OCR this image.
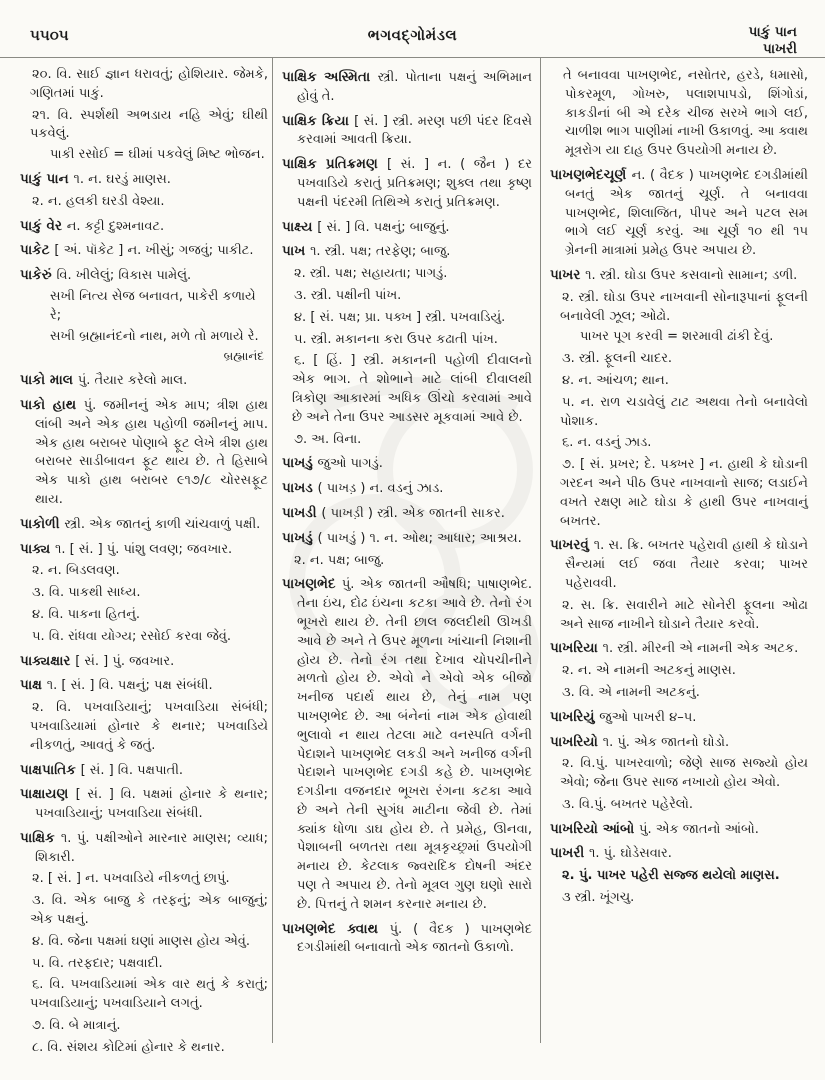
૫૫૦૫	ભગવદ્ગોમંડલ	પાકું પાન
પાખરી

૨૦. વિ. સાઈ જ્ઞાન ધરાવતું; હોશિયાર. જેમકે, ગણિતમાં પાકું.

૨૧. વિ. સ્પર્શથી અભડાય નહિ એવું; ઘીથી પકવેલું.

પાકી રસોઈ = ઘીમાં પકવેલું મિષ્ટ ભોજન.

પાકું પાન ૧. ન. ઘરડું માણસ.

૨. ન. હલકી ઘરડી વેશ્યા.

પાકું વેર ન. કટ્ટી દુશ્મનાવટ.

પાકેટ [ અં. પૉકેટ ] ન. ખીસું; ગજવું; પાકીટ.

પાકેરું વિ. ખીલેલું; વિકાસ પામેલું.

સખી નિત્ય સેજ બનાવત, પાકેરી કળાયે રે;

સખી બ્રહ્માનંદનો નાથ, મળે તો મળાયે રે.

બ્રહ્માનંદ

પાકો માલ પું. તૈયાર કરેલો માલ.

પાકો હાથ પું. જમીનનું એક માપ; ત્રીશ હાથ લાંબી અને એક હાથ પહોળી જમીનનું માપ. એક હાથ બરાબર પોણાબે ફૂટ લેખે ત્રીશ હાથ બરાબર સાડીબાવન ફૂટ થાય છે. તે હિસાબે એક પાકો હાથ બરાબર ૯૧૭/૮ ચોરસફૂટ થાય.

પાકોળી સ્ત્રી. એક જાતનું કાળી ચાંચવાળું પક્ષી.

પાક્ય ૧. [ સં. ] પું. પાંશુ લવણ; જવખાર.

૨. ન. બિડલવણ.

૩. વિ. પાકથી સાધ્ય.

૪. વિ. પાકના હિતનું.

૫. વિ. રાંધવા યોગ્ય; રસોઈ કરવા જેવું.

પાક્યક્ષાર [ સં. ] પું. જવખાર.

પાક્ષ ૧. [ સં. ] વિ. પક્ષનું; પક્ષ સંબંધી.

૨. વિ. પખવાડિયાનું; પખવાડિયા સંબંધી; પખવાડિયામાં હોનાર કે થનાર; પખવાડિયે નીકળતું, આવતું કે જતું.

પાક્ષપાતિક [ સં. ] વિ. પક્ષપાતી.

પાક્ષાયણ [ સં. ] વિ. પક્ષમાં હોનાર કે થનાર; પખવાડિયાનું; પખવાડિયા સંબંધી.

પાક્ષિક ૧. પું. પક્ષીઓને મારનાર માણસ; વ્યાધ; શિકારી.

૨. [ સં. ] ન. પખવાડિયે નીકળતું છાપું.

૩. વિ. એક બાજુ કે તરફનું; એક બાજુનું; એક પક્ષનું.

૪. વિ. જેના પક્ષમાં ઘણાં માણસ હોય એવું.

૫. વિ. તરફદાર; પક્ષવાદી.

૬. વિ. પખવાડિયામાં એક વાર થતું કે કરાતું; પખવાડિયાનું; પખવાડિયાને લગતું.

૭. વિ. બે માત્રાનું.

૮. વિ. સંશય કોટિમાં હોનાર કે થનાર.

પાક્ષિક અસ્મિતા સ્ત્રી. પોતાના પક્ષનું અભિમાન હોવું તે.

પાક્ષિક ક્રિયા [ સં. ] સ્ત્રી. મરણ પછી પંદર દિવસે કરવામાં આવતી ક્રિયા.

પાક્ષિક પ્રતિક્રમણ [ સં. ] ન. ( જૈન ) દર પખવાડિયે કરાતું પ્રતિક્રમણ; શુક્લ તથા કૃષ્ણ પક્ષની પંદરમી તિથિએ કરાતું પ્રતિક્રમણ.

પાક્ષ્ય [ સં. ] વિ. પક્ષનું; બાજુનું.

પાખ ૧. સ્ત્રી. પક્ષ; તરફેણ; બાજુ.

૨. સ્ત્રી. પક્ષ; સહાયતા; પાગડું.

૩. સ્ત્રી. પક્ષીની પાંખ.

૪. [ સં. પક્ષ; પ્રા. પક્ખ ] સ્ત્રી. પખવાડિયું.

૫. સ્ત્રી. મકાનના કરા ઉપર કઢાતી પાંખ.

૬. [ હિં. ] સ્ત્રી. મકાનની પહોળી દીવાલનો એક ભાગ. તે શોભાને માટે લાંબી દીવાલથી ત્રિકોણ આકારમાં અધિક ઊંચો કરવામાં આવે છે અને તેના ઉપર આડસર મૂકવામાં આવે છે.

૭. અ. વિના.

પાખડું જુઓ પાગડું.

પાખડ ( પાખડ઼ ) ન. વડનું ઝાડ.

પાખડી ( પાખડ઼ી ) સ્ત્રી. એક જાતની સાકર.

પાખડું ( પાખડ઼ું ) ૧. ન. ઓથ; આધાર; આશ્રય.

૨. ન. પક્ષ; બાજુ.

પાખણભેદ પું. એક જાતની ઔષધિ; પાષાણભેદ. તેના ઇંચ, દોઢ ઇંચના કટકા આવે છે. તેનો રંગ ભૂખરો થાય છે. તેની છાલ જલદીથી ઊખડી આવે છે અને તે ઉપર મૂળના ખાંચાની નિશાની હોય છે. તેનો રંગ તથા દેખાવ ચોપચીનીને મળતો હોય છે. એવો ને એવો એક બીજો ખનીજ પદાર્થ થાય છે, તેનું નામ પણ પાખણભેદ છે. આ બંનેનાં નામ એક હોવાથી ભુલાવો ન થાય તેટલા માટે વનસ્પતિ વર્ગની પેદાશને પાખણભેદ લકડી અને ખનીજ વર્ગની પેદાશને પાખણભેદ દગડી કહે છે. પાખણભેદ દગડીના વજનદાર ભૂખરા રંગના કટકા આવે છે અને તેની સુગંધ માટીના જેવી છે. તેમાં ક્યાંક ધોળા ડાઘ હોય છે. તે પ્રમેહ, ઊનવા, પેશાબની બળતરા તથા મૂત્રકૃચ્છ્રમાં ઉપયોગી મનાય છે. કેટલાક જ્વરાદિક દોષની અંદર પણ તે અપાય છે. તેનો મૂત્રલ ગુણ ઘણો સારો છે. પિત્તનું તે શમન કરનાર મનાય છે.

પાખણભેદ ક્વાથ પું. ( વૈદક ) પાખણભેદ દગડીમાંથી બનાવાતો એક જાતનો ઉકાળો.

તે બનાવવા પાખણભેદ, નસોતર, હરડે, ધમાસો, પોકરમૂળ, ગોખરુ, પલાશપાપડો, શિંગોડાં, કાકડીનાં બી એ દરેક ચીજ સરખે ભાગે લઈ, ચાળીશ ભાગ પાણીમાં નાખી ઉકાળવું. આ ક્વાથ મૂત્રરોગ યા દાહ ઉપર ઉપયોગી મનાય છે.

પાખણભેદચૂર્ણ ન. ( વૈદક ) પાખણભેદ દગડીમાંથી બનતું એક જાતનું ચૂર્ણ. તે બનાવવા પાખણભેદ, શિલાજિત, પીપર અને પટલ સમ ભાગે લઈ ચૂર્ણ કરવું. આ ચૂર્ણ ૧૦ થી ૧૫ ગ્રેનની માત્રામાં પ્રમેહ ઉપર અપાય છે.

પાખર ૧. સ્ત્રી. ઘોડા ઉપર કસવાનો સામાન; ડળી.

૨. સ્ત્રી. ઘોડા ઉપર નાખવાની સોનારૂપાનાં ફૂલની બનાવેલી ઝૂલ; ઓઢો.

પાખર પૂગ કરવી = શરમાવી ઢાંકી દેવું.

૩. સ્ત્રી. ફૂલની ચાદર.

૪. ન. આંચળ; થાન.

૫. ન. રાળ ચડાવેલું ટાટ અથવા તેનો બનાવેલો પોશાક.

૬. ન. વડનું ઝાડ.

૭. [ સં. પ્રખર; દે. પક્ખર ] ન. હાથી કે ઘોડાની ગરદન અને પીઠ ઉપર નાખવાનો સાજ; લડાઈને વખતે રક્ષણ માટે ઘોડા કે હાથી ઉપર નાખવાનું બખતર.

પાખરવું ૧. સ. ક્રિ. બખતર પહેરાવી હાથી કે ઘોડાને સૈન્યમાં લઈ જવા તૈયાર કરવા; પાખર પહેરાવવી.

૨. સ. ક્રિ. સવારીને માટે સોનેરી ફૂલના ઓઢા અને સાજ નાખીને ઘોડાને તૈયાર કરવો.

પાખરિયા ૧. સ્ત્રી. મીરની એ નામની એક અટક.

૨. ન. એ નામની અટકનું માણસ.

૩. વિ. એ નામની અટકનું.

પાખરિયું જુઓ પાખરી ૪–૫.

પાખરિયો ૧. પું. એક જાતનો ઘોડો.

૨. વિ.પું. પાખરવાળો; જેણે સાજ સજ્યો હોય એવો; જેના ઉપર સાજ નખાયો હોય એવો.

૩. વિ.પું. બખતર પહેરેલો.

પાખરિયો આંબો પું. એક જાતનો આંબો.

પાખરી ૧. પું. ઘોડેસવાર.

૨. પું. પાખર પહેરી સજ્જ થયેલો માણસ.

૩ સ્ત્રી. ખૂંગચુ.
